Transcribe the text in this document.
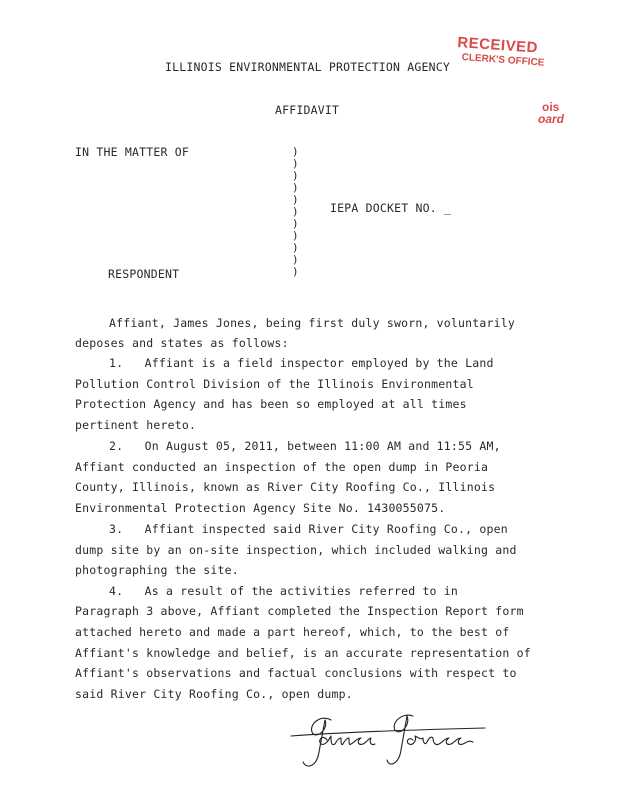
RECEIVED
CLERK'S OFFICE
ois
oard
ILLINOIS ENVIRONMENTAL PROTECTION AGENCY
AFFIDAVIT
IN THE MATTER OF
IEPA DOCKET NO. _
RESPONDENT
)
)
)
)
)
)
)
)
)
)
)
Affiant, James Jones, being first duly sworn, voluntarily
deposes and states as follows:
1.   Affiant is a field inspector employed by the Land
Pollution Control Division of the Illinois Environmental
Protection Agency and has been so employed at all times
pertinent hereto.
2.   On August 05, 2011, between 11:00 AM and 11:55 AM,
Affiant conducted an inspection of the open dump in Peoria
County, Illinois, known as River City Roofing Co., Illinois
Environmental Protection Agency Site No. 1430055075.
3.   Affiant inspected said River City Roofing Co., open
dump site by an on-site inspection, which included walking and
photographing the site.
4.   As a result of the activities referred to in
Paragraph 3 above, Affiant completed the Inspection Report form
attached hereto and made a part hereof, which, to the best of
Affiant's knowledge and belief, is an accurate representation of
Affiant's observations and factual conclusions with respect to
said River City Roofing Co., open dump.
